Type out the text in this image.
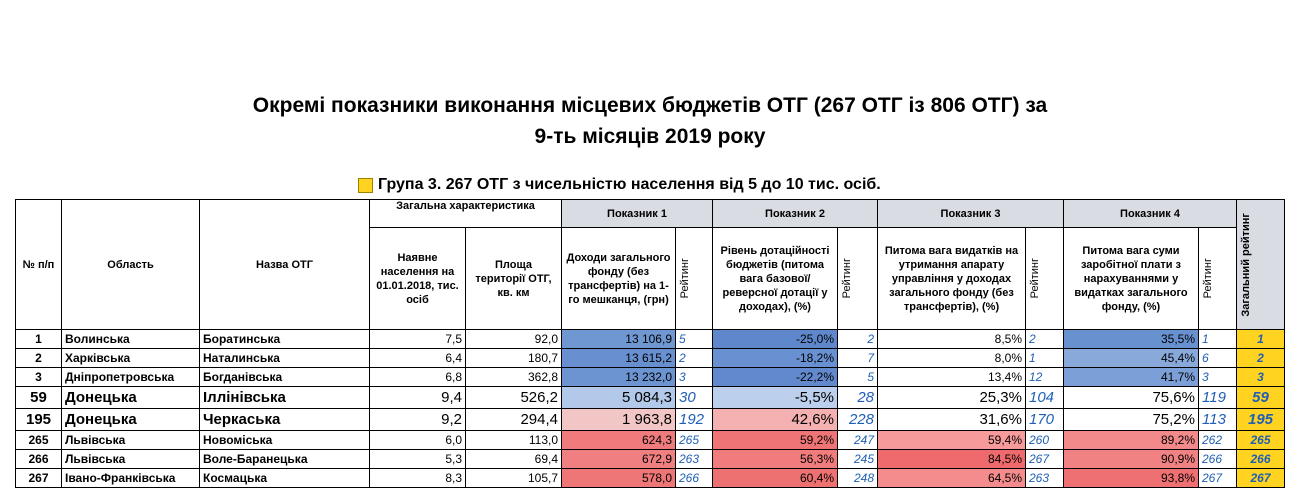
Окремі показники виконання місцевих бюджетів ОТГ (267 ОТГ із 806 ОТГ) за
9-ть місяців 2019 року
Група 3. 267 ОТГ з чисельністю населення від 5 до 10 тис. осіб.
№ п/п	Область	Назва ОТГ	Загальна характеристика		Показник 1		Показник 2		Показник 3		Показник 4		Загальний рейтинг

			Наявне населення на 01.01.2018, тис. осіб	Площа території ОТГ, кв. км	Доходи загального фонду (без трансфертів) на 1-го мешканця, (грн)	Рейтинг	Рівень дотаційності бюджетів (питома вага базової/ реверсної дотації у доходах), (%)	Рейтинг	Питома вага видатків на утримання апарату управління у доходах загального фонду (без трансфертів), (%)	Рейтинг	Питома вага суми заробітної плати з нарахуваннями у видатках загального фонду, (%)	Рейтинг	

1	Волинська	Боратинська	7,5	92,0	13 106,9	5	-25,0%	2	8,5%	2	35,5%	1	1
2	Харківська	Наталинська	6,4	180,7	13 615,2	2	-18,2%	7	8,0%	1	45,4%	6	2
3	Дніпропетровська	Богданівська	6,8	362,8	13 232,0	3	-22,2%	5	13,4%	12	41,7%	3	3
59	Донецька	Іллінівська	9,4	526,2	5 084,3	30	-5,5%	28	25,3%	104	75,6%	119	59
195	Донецька	Черкаська	9,2	294,4	1 963,8	192	42,6%	228	31,6%	170	75,2%	113	195
265	Львівська	Новомiська	6,0	113,0	624,3	265	59,2%	247	59,4%	260	89,2%	262	265
266	Львівська	Воле-Баранецька	5,3	69,4	672,9	263	56,3%	245	84,5%	267	90,9%	266	266
267	Івано-Франківська	Космацька	8,3	105,7	578,0	266	60,4%	248	64,5%	263	93,8%	267	267
